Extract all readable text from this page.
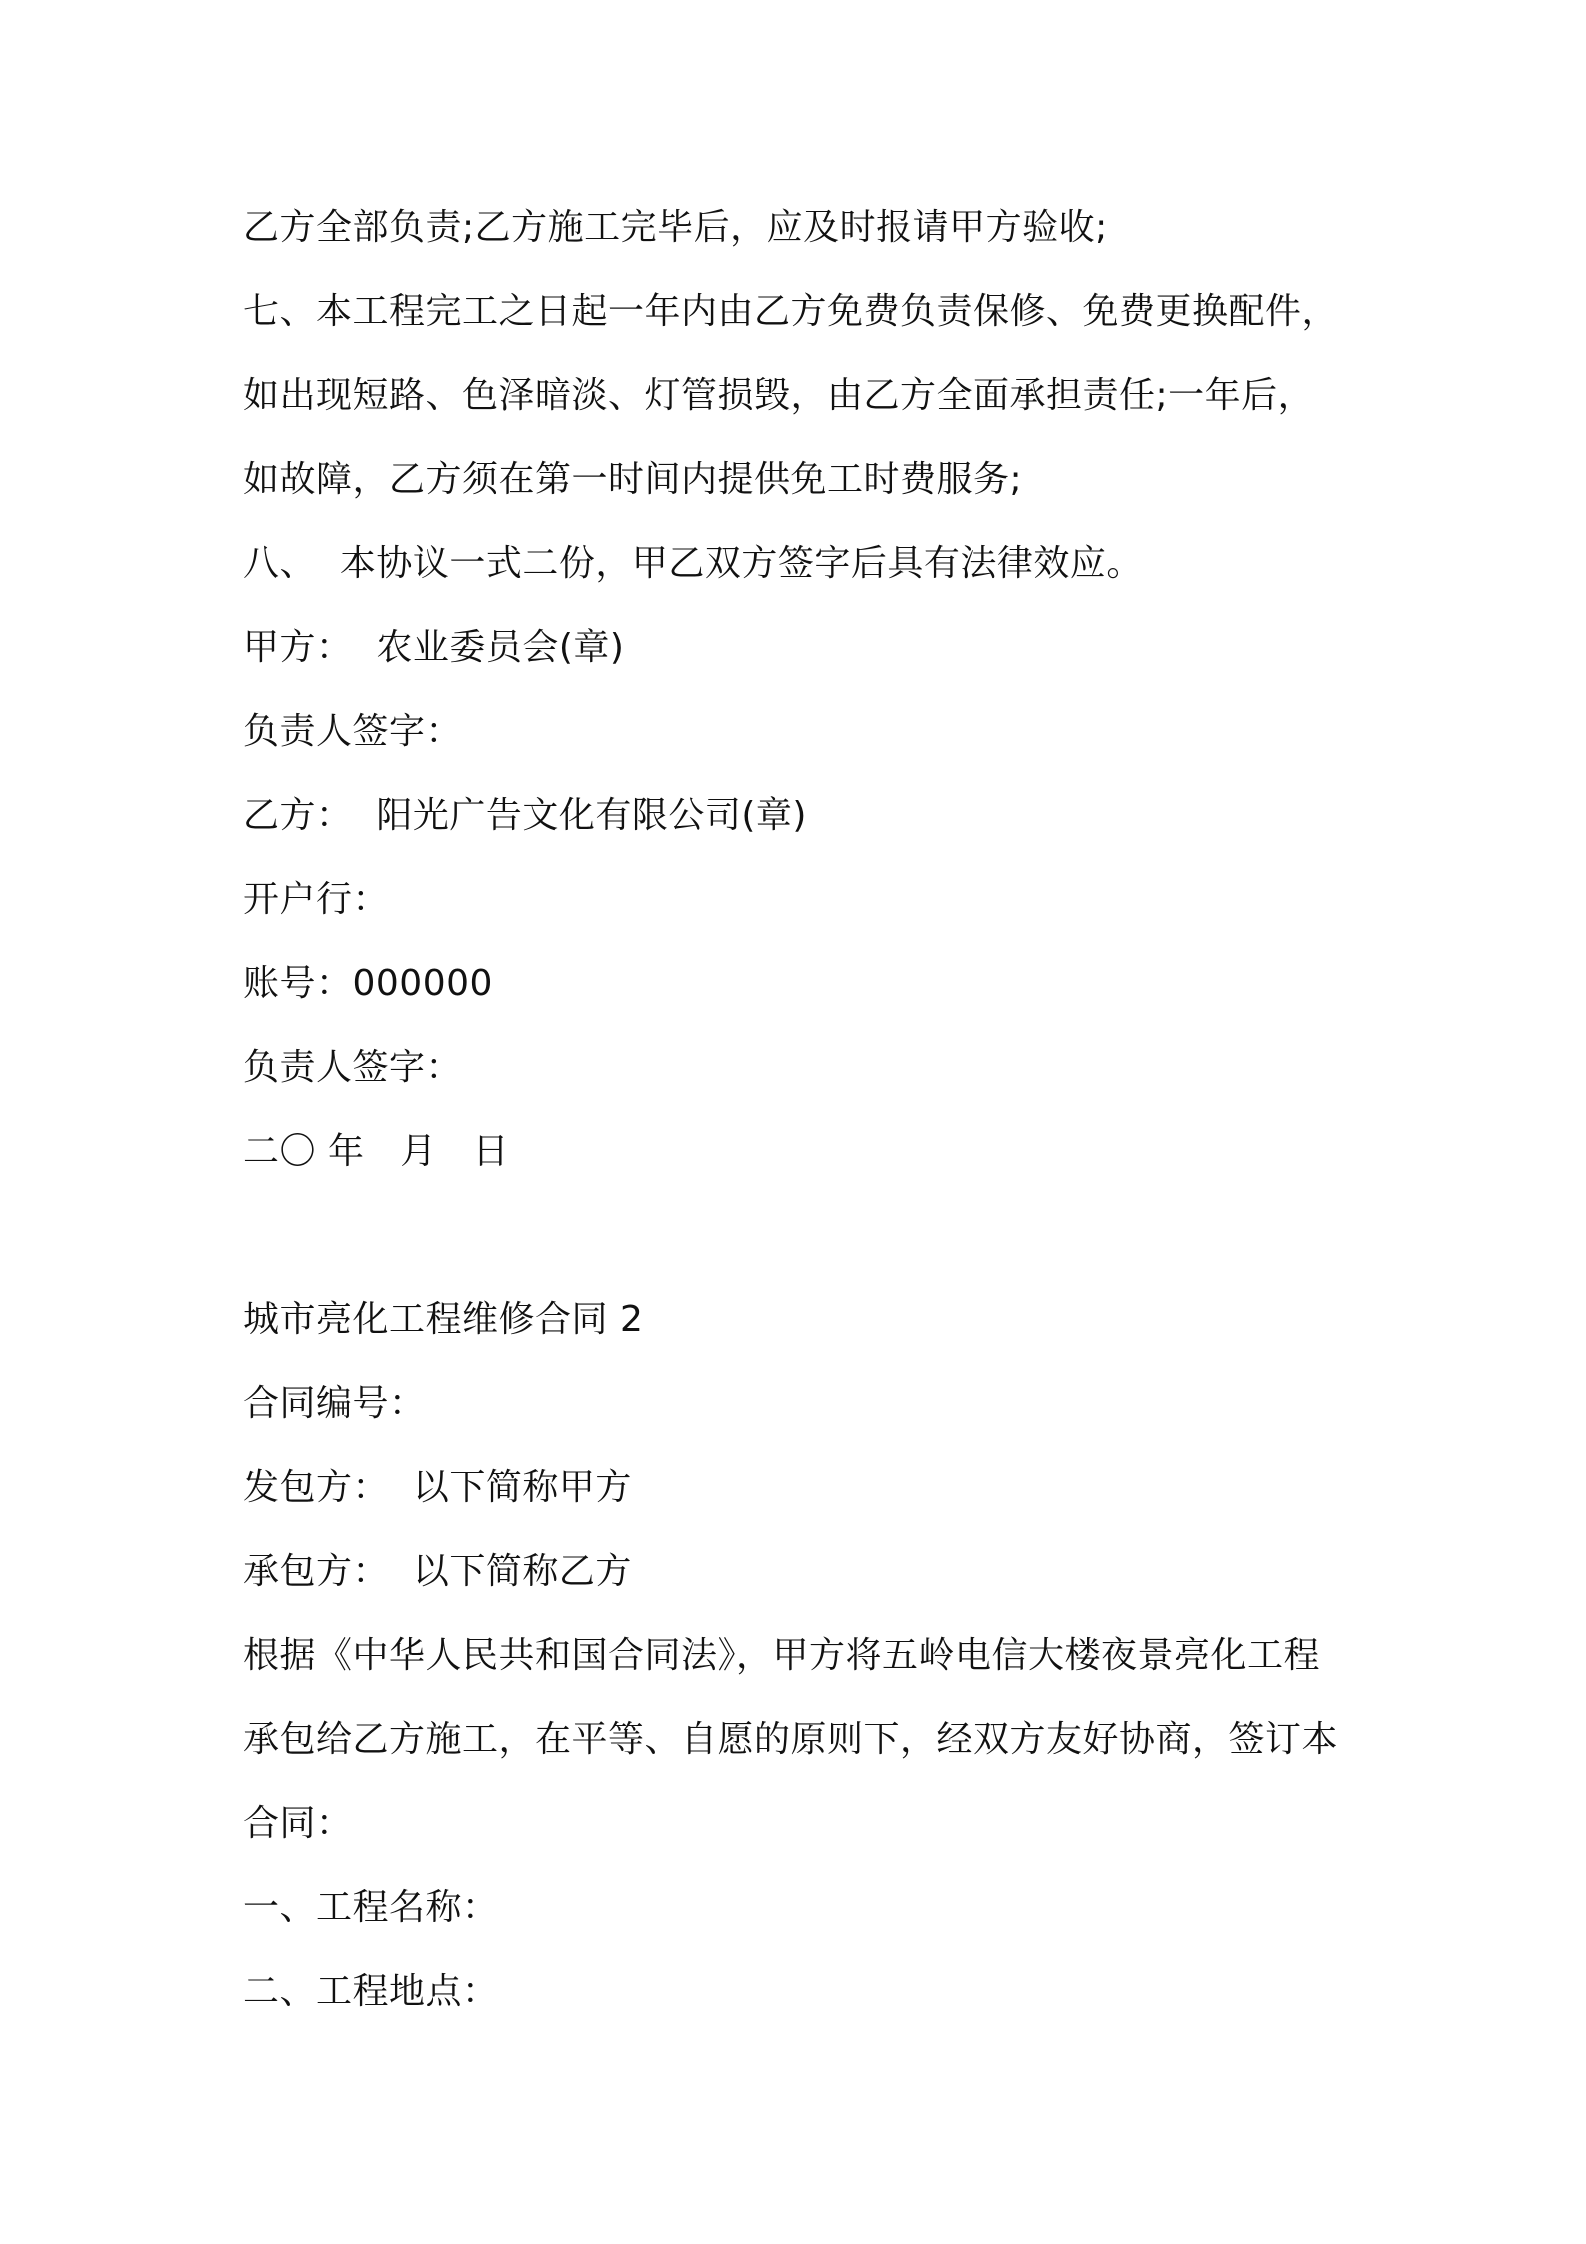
乙方全部负责;乙方施工完毕后，应及时报请甲方验收;
七、本工程完工之日起一年内由乙方免费负责保修、免费更换配件，
如出现短路、色泽暗淡、灯管损毁，由乙方全面承担责任;一年后，
如故障，乙方须在第一时间内提供免工时费服务;
八、  本协议一式二份，甲乙双方签字后具有法律效应。
甲方：  农业委员会(章)
负责人签字：
乙方：  阳光广告文化有限公司(章)
开户行：
账号：000000
负责人签字：
二〇 年   月   日
城市亮化工程维修合同 2
合同编号：
发包方：  以下简称甲方
承包方：  以下简称乙方
根据《中华人民共和国合同法》，甲方将五岭电信大楼夜景亮化工程
承包给乙方施工，在平等、自愿的原则下，经双方友好协商，签订本
合同：
一、工程名称：
二、工程地点：
